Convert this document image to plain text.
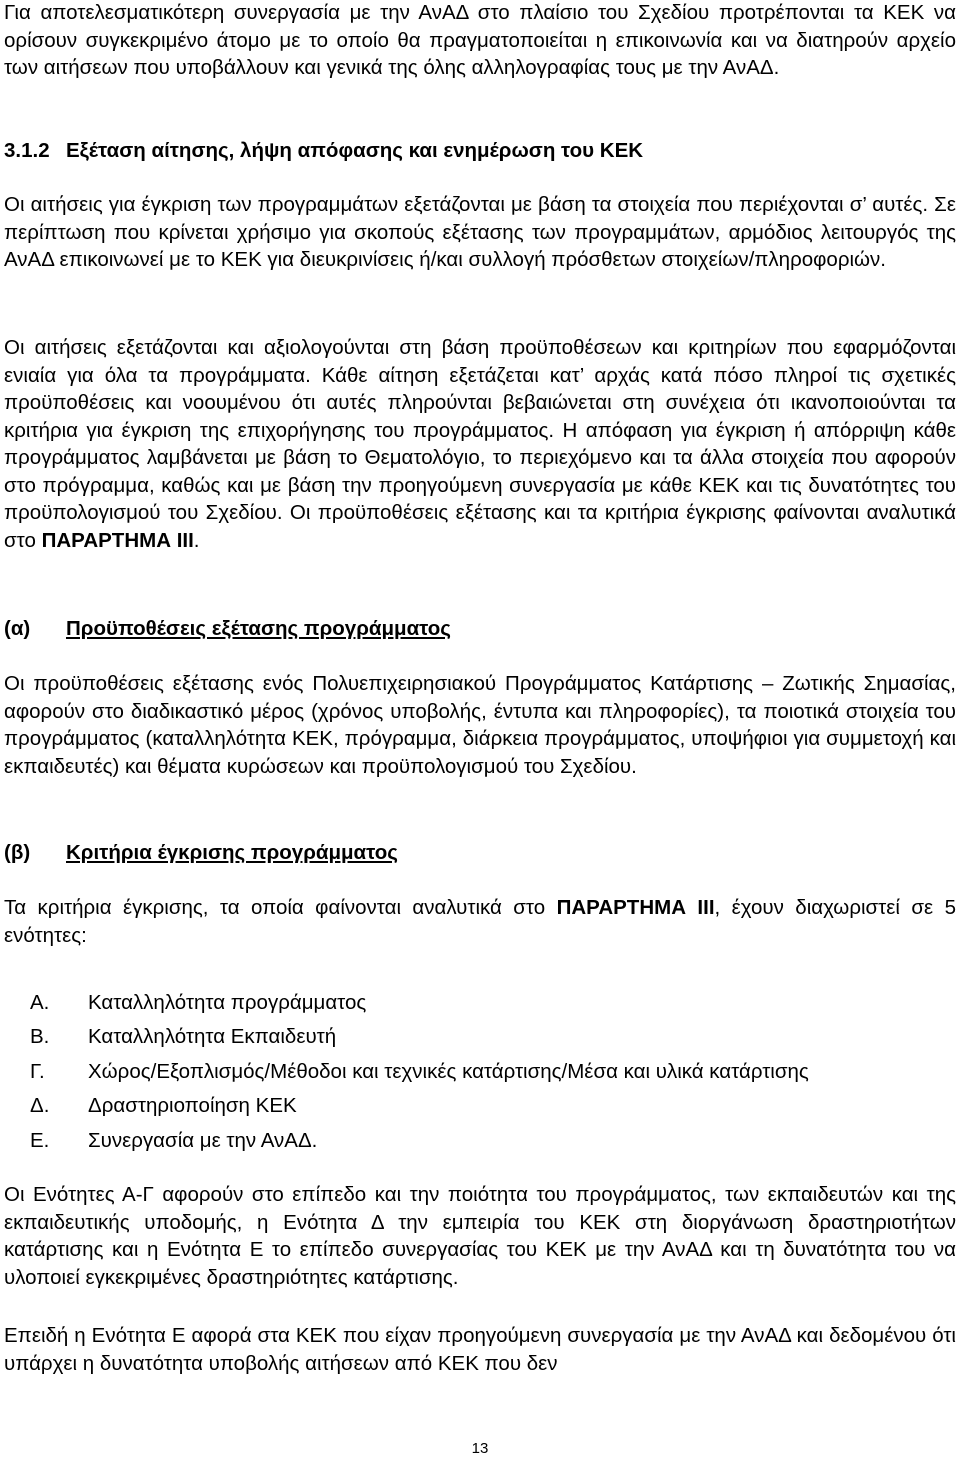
Για αποτελεσματικότερη συνεργασία με την ΑνΑΔ στο πλαίσιο του Σχεδίου προτρέπονται τα ΚΕΚ να ορίσουν συγκεκριμένο άτομο με το οποίο θα πραγματοποιείται η επικοινωνία και να διατηρούν αρχείο των αιτήσεων που υποβάλλουν και γενικά της όλης αλληλογραφίας τους με την ΑνΑΔ.

3.1.2 Εξέταση αίτησης, λήψη απόφασης και ενημέρωση του ΚΕΚ

Οι αιτήσεις για έγκριση των προγραμμάτων εξετάζονται με βάση τα στοιχεία που περιέχονται σ’ αυτές. Σε περίπτωση που κρίνεται χρήσιμο για σκοπούς εξέτασης των προγραμμάτων, αρμόδιος λειτουργός της ΑνΑΔ επικοινωνεί με το ΚΕΚ για διευκρινίσεις ή/και συλλογή πρόσθετων στοιχείων/πληροφοριών.

Οι αιτήσεις εξετάζονται και αξιολογούνται στη βάση προϋποθέσεων και κριτηρίων που εφαρμόζονται ενιαία για όλα τα προγράμματα. Κάθε αίτηση εξετάζεται κατ’ αρχάς κατά πόσο πληροί τις σχετικές προϋποθέσεις και νοουμένου ότι αυτές πληρούνται βεβαιώνεται στη συνέχεια ότι ικανοποιούνται τα κριτήρια για έγκριση της επιχορήγησης του προγράμματος. Η απόφαση για έγκριση ή απόρριψη κάθε προγράμματος λαμβάνεται με βάση το Θεματολόγιο, το περιεχόμενο και τα άλλα στοιχεία που αφορούν στο πρόγραμμα, καθώς και με βάση την προηγούμενη συνεργασία με κάθε ΚΕΚ και τις δυνατότητες του προϋπολογισμού του Σχεδίου. Οι προϋποθέσεις εξέτασης και τα κριτήρια έγκρισης φαίνονται αναλυτικά στο ΠΑΡΑΡΤΗΜΑ ΙΙΙ.

(α) Προϋποθέσεις εξέτασης προγράμματος

Οι προϋποθέσεις εξέτασης ενός Πολυεπιχειρησιακού Προγράμματος Κατάρτισης – Ζωτικής Σημασίας, αφορούν στο διαδικαστικό μέρος (χρόνος υποβολής, έντυπα και πληροφορίες), τα ποιοτικά στοιχεία του προγράμματος (καταλληλότητα ΚΕΚ, πρόγραμμα, διάρκεια προγράμματος, υποψήφιοι για συμμετοχή και εκπαιδευτές) και θέματα κυρώσεων και προϋπολογισμού του Σχεδίου.

(β) Κριτήρια έγκρισης προγράμματος

Τα κριτήρια έγκρισης, τα οποία φαίνονται αναλυτικά στο ΠΑΡΑΡΤΗΜΑ ΙΙΙ, έχουν διαχωριστεί σε 5 ενότητες:

Α. Καταλληλότητα προγράμματος
Β. Καταλληλότητα Εκπαιδευτή
Γ. Χώρος/Εξοπλισμός/Μέθοδοι και τεχνικές κατάρτισης/Μέσα και υλικά κατάρτισης
Δ. Δραστηριοποίηση ΚΕΚ
Ε. Συνεργασία με την ΑνΑΔ.

Οι Ενότητες Α-Γ αφορούν στο επίπεδο και την ποιότητα του προγράμματος, των εκπαιδευτών και της εκπαιδευτικής υποδομής, η Ενότητα Δ την εμπειρία του ΚΕΚ στη διοργάνωση δραστηριοτήτων κατάρτισης και η Ενότητα Ε το επίπεδο συνεργασίας του ΚΕΚ με την ΑνΑΔ και τη δυνατότητα του να υλοποιεί εγκεκριμένες δραστηριότητες κατάρτισης.

Επειδή η Ενότητα Ε αφορά στα ΚΕΚ που είχαν προηγούμενη συνεργασία με την ΑνΑΔ και δεδομένου ότι υπάρχει η δυνατότητα υποβολής αιτήσεων από ΚΕΚ που δεν

13
